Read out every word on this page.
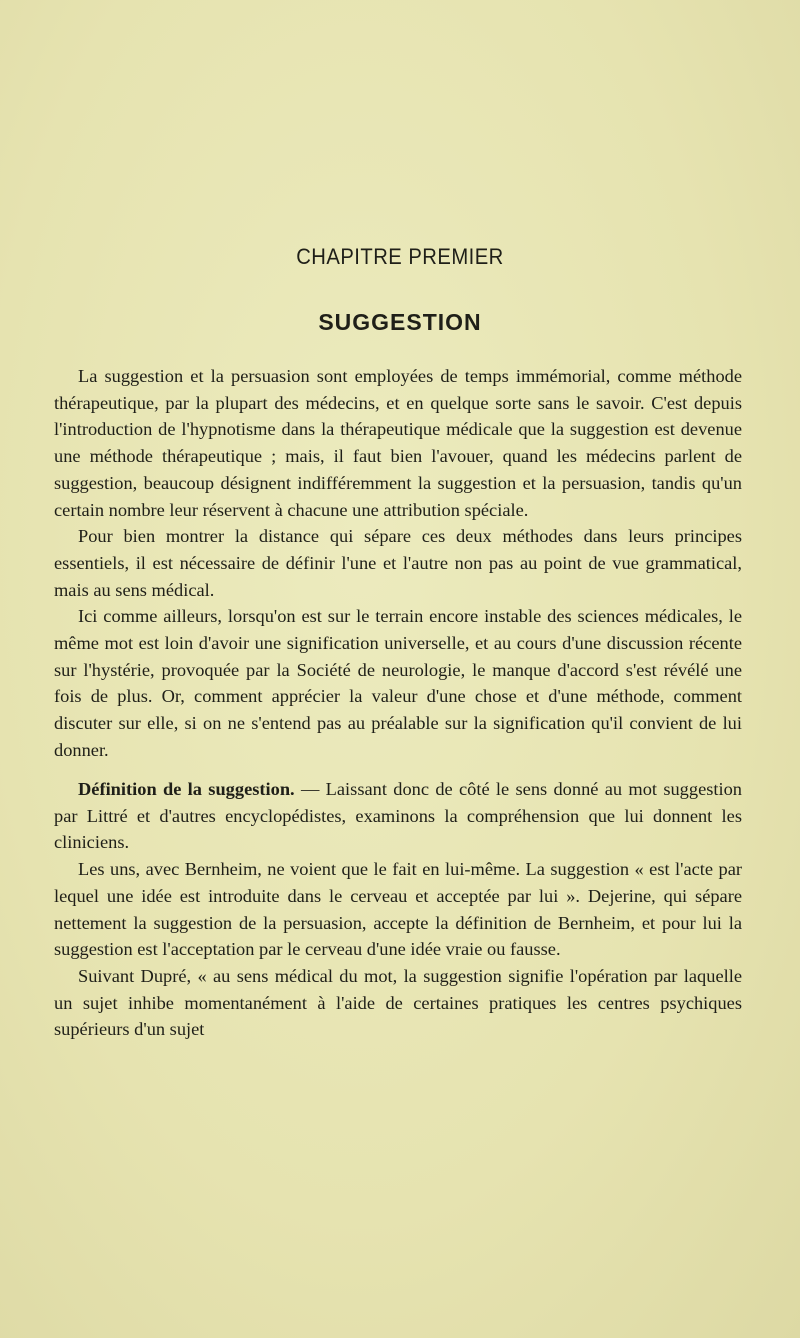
CHAPITRE PREMIER
SUGGESTION

La suggestion et la persuasion sont employées de temps immémorial, comme méthode thérapeutique, par la plupart des médecins, et en quelque sorte sans le savoir. C'est depuis l'introduction de l'hypnotisme dans la thérapeutique médicale que la suggestion est devenue une méthode thérapeutique ; mais, il faut bien l'avouer, quand les médecins parlent de suggestion, beaucoup désignent indifféremment la suggestion et la persuasion, tandis qu'un certain nombre leur réservent à chacune une attribution spéciale.

Pour bien montrer la distance qui sépare ces deux méthodes dans leurs principes essentiels, il est nécessaire de définir l'une et l'autre non pas au point de vue grammatical, mais au sens médical.

Ici comme ailleurs, lorsqu'on est sur le terrain encore instable des sciences médicales, le même mot est loin d'avoir une signification universelle, et au cours d'une discussion récente sur l'hystérie, provoquée par la Société de neurologie, le manque d'accord s'est révélé une fois de plus. Or, comment apprécier la valeur d'une chose et d'une méthode, comment discuter sur elle, si on ne s'entend pas au préalable sur la signification qu'il convient de lui donner.

Définition de la suggestion. — Laissant donc de côté le sens donné au mot suggestion par Littré et d'autres encyclopédistes, examinons la compréhension que lui donnent les cliniciens.

Les uns, avec Bernheim, ne voient que le fait en lui-même. La suggestion « est l'acte par lequel une idée est introduite dans le cerveau et acceptée par lui ». Dejerine, qui sépare nettement la suggestion de la persuasion, accepte la définition de Bernheim, et pour lui la suggestion est l'acceptation par le cerveau d'une idée vraie ou fausse.

Suivant Dupré, « au sens médical du mot, la suggestion signifie l'opération par laquelle un sujet inhibe momentanément à l'aide de certaines pratiques les centres psychiques supérieurs d'un sujet
